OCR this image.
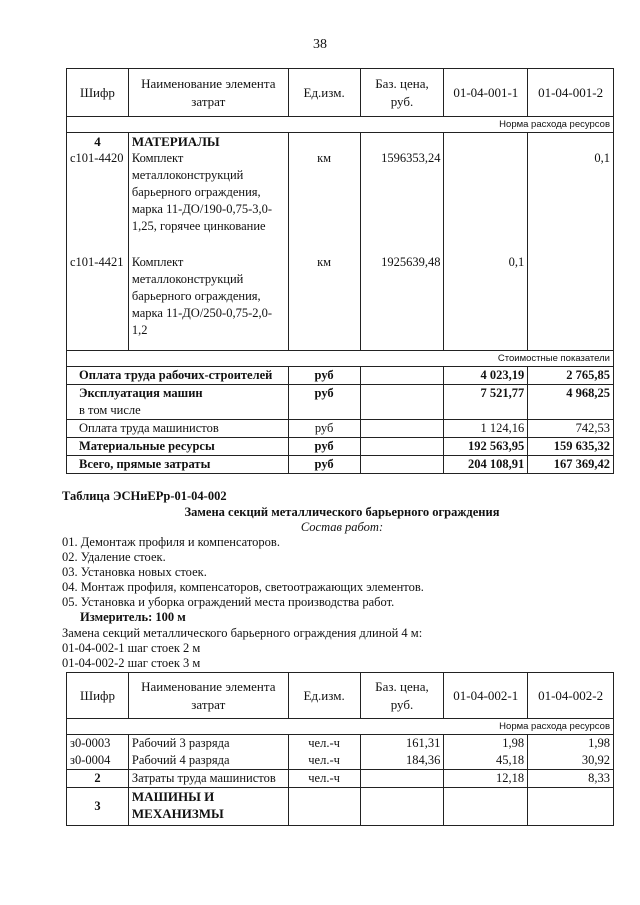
38
Шифр	Наименование элемента затрат	Ед.изм.	Баз. цена, руб.	01-04-001-1	01-04-001-2
Норма расхода ресурсов					
4	МАТЕРИАЛЫ				
с101-4420	Комплект металлоконструкций барьерного ограждения, марка 11-ДО/190-0,75-3,0-1,25, горячее цинкование	км	1596353,24		0,1
с101-4421	Комплект металлоконструкций барьерного ограждения, марка 11-ДО/250-0,75-2,0-1,2	км	1925639,48	0,1	
Стоимостные показатели					
Оплата труда рабочих-строителей		руб		4 023,19	2 765,85
Эксплуатация машин		руб		7 521,77	4 968,25
в том числе					
Оплата труда машинистов		руб		1 124,16	742,53
Материальные ресурсы		руб		192 563,95	159 635,32
Всего, прямые затраты		руб		204 108,91	167 369,42
Таблица ЭСНиЕРр-01-04-002
Замена секций металлического барьерного ограждения
Состав работ:
01. Демонтаж профиля и компенсаторов.
02. Удаление стоек.
03. Установка новых стоек.
04. Монтаж профиля, компенсаторов, светоотражающих элементов.
05. Установка и уборка ограждений места производства работ.
Измеритель: 100 м
Замена секций металлического барьерного ограждения длиной 4 м:
01-04-002-1 шаг стоек 2 м
01-04-002-2 шаг стоек 3 м
Шифр	Наименование элемента затрат	Ед.изм.	Баз. цена, руб.	01-04-002-1	01-04-002-2
Норма расхода ресурсов					
з0-0003	Рабочий 3 разряда	чел.-ч	161,31	1,98	1,98
з0-0004	Рабочий 4 разряда	чел.-ч	184,36	45,18	30,92
2	Затраты труда машинистов	чел.-ч		12,18	8,33
3	МАШИНЫ И МЕХАНИЗМЫ				
